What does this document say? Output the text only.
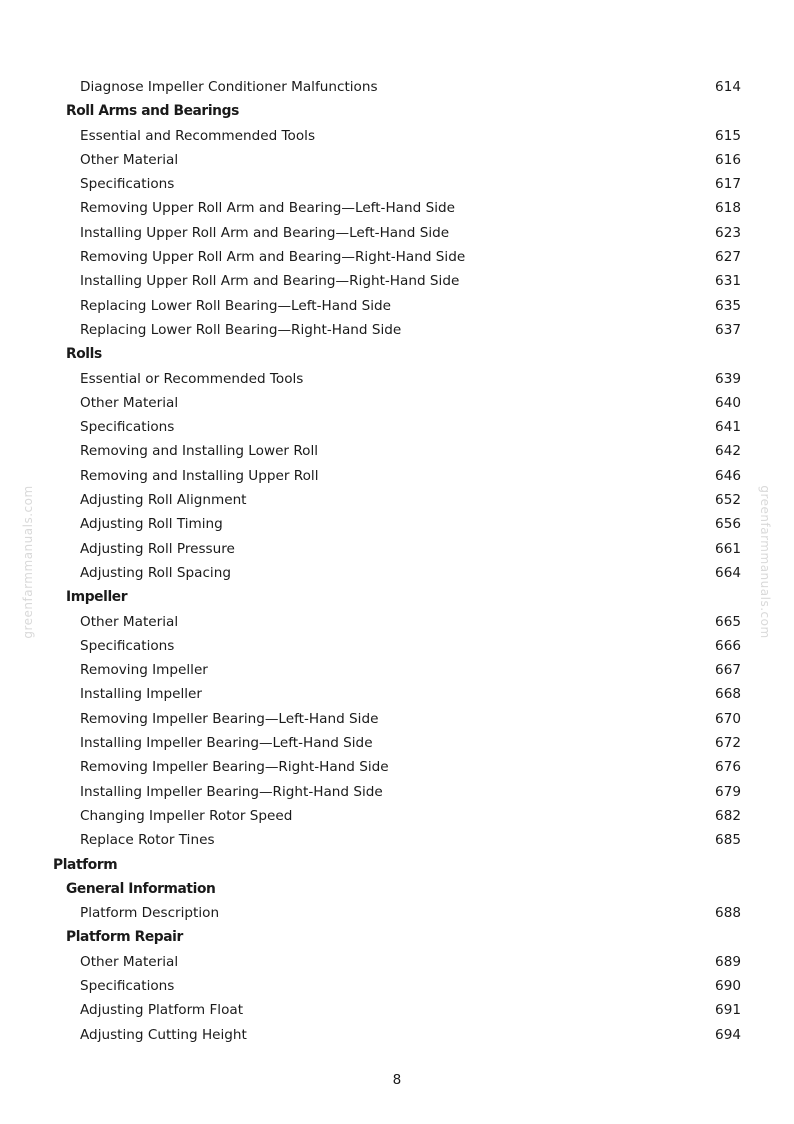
Diagnose Impeller Conditioner Malfunctions	614
Roll Arms and Bearings
Essential and Recommended Tools	615
Other Material	616
Specifications	617
Removing Upper Roll Arm and Bearing—Left-Hand Side	618
Installing Upper Roll Arm and Bearing—Left-Hand Side	623
Removing Upper Roll Arm and Bearing—Right-Hand Side	627
Installing Upper Roll Arm and Bearing—Right-Hand Side	631
Replacing Lower Roll Bearing—Left-Hand Side	635
Replacing Lower Roll Bearing—Right-Hand Side	637
Rolls
Essential or Recommended Tools	639
Other Material	640
Specifications	641
Removing and Installing Lower Roll	642
Removing and Installing Upper Roll	646
Adjusting Roll Alignment	652
Adjusting Roll Timing	656
Adjusting Roll Pressure	661
Adjusting Roll Spacing	664
Impeller
Other Material	665
Specifications	666
Removing Impeller	667
Installing Impeller	668
Removing Impeller Bearing—Left-Hand Side	670
Installing Impeller Bearing—Left-Hand Side	672
Removing Impeller Bearing—Right-Hand Side	676
Installing Impeller Bearing—Right-Hand Side	679
Changing Impeller Rotor Speed	682
Replace Rotor Tines	685
Platform
General Information
Platform Description	688
Platform Repair
Other Material	689
Specifications	690
Adjusting Platform Float	691
Adjusting Cutting Height	694
8
greenfarmmanuals.com	greenfarmmanuals.com
